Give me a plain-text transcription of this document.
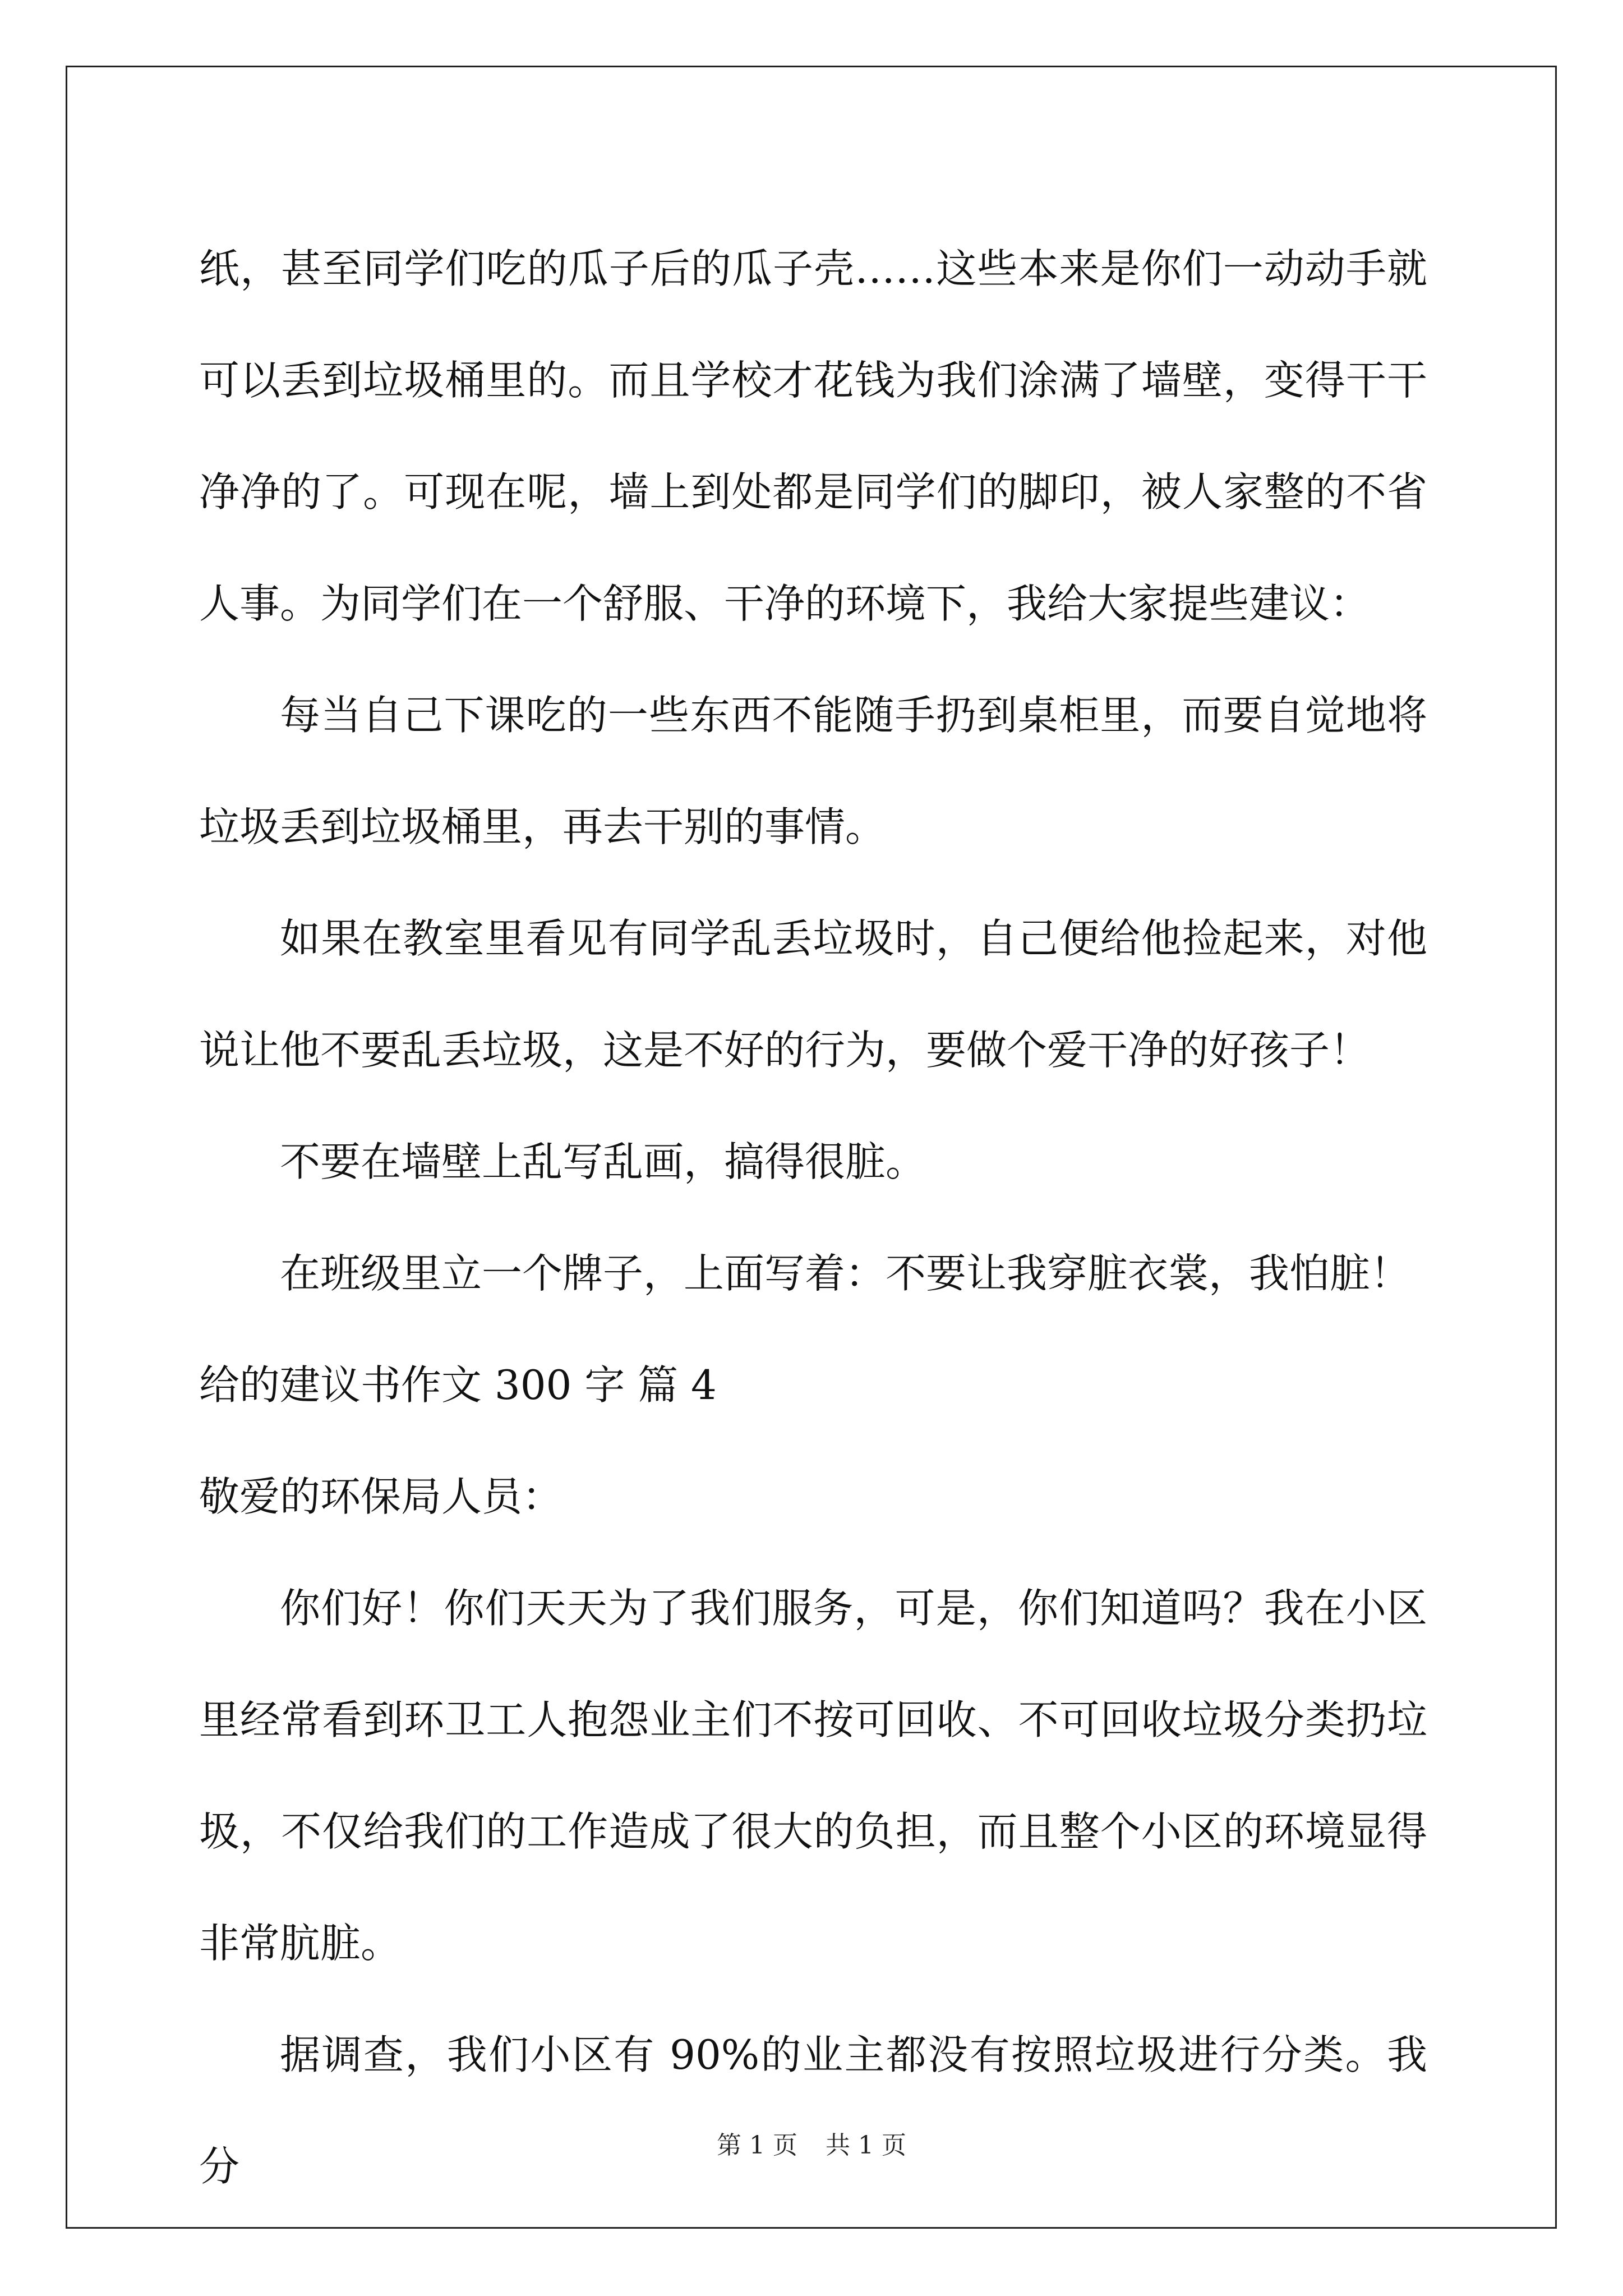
纸，甚至同学们吃的瓜子后的瓜子壳……这些本来是你们一动动手就可以丢到垃圾桶里的。而且学校才花钱为我们涂满了墙壁，变得干干净净的了。可现在呢，墙上到处都是同学们的脚印，被人家整的不省人事。为同学们在一个舒服、干净的环境下，我给大家提些建议：

每当自己下课吃的一些东西不能随手扔到桌柜里，而要自觉地将垃圾丢到垃圾桶里，再去干别的事情。

如果在教室里看见有同学乱丢垃圾时，自己便给他捡起来，对他说让他不要乱丢垃圾，这是不好的行为，要做个爱干净的好孩子！

不要在墙壁上乱写乱画，搞得很脏。

在班级里立一个牌子，上面写着：不要让我穿脏衣裳，我怕脏！

给的建议书作文 300 字 篇 4

敬爱的环保局人员：

你们好！你们天天为了我们服务，可是，你们知道吗？我在小区里经常看到环卫工人抱怨业主们不按可回收、不可回收垃圾分类扔垃圾，不仅给我们的工作造成了很大的负担，而且整个小区的环境显得非常肮脏。

据调查，我们小区有 90%的业主都没有按照垃圾进行分类。我分	第 1 页 共 1 页
